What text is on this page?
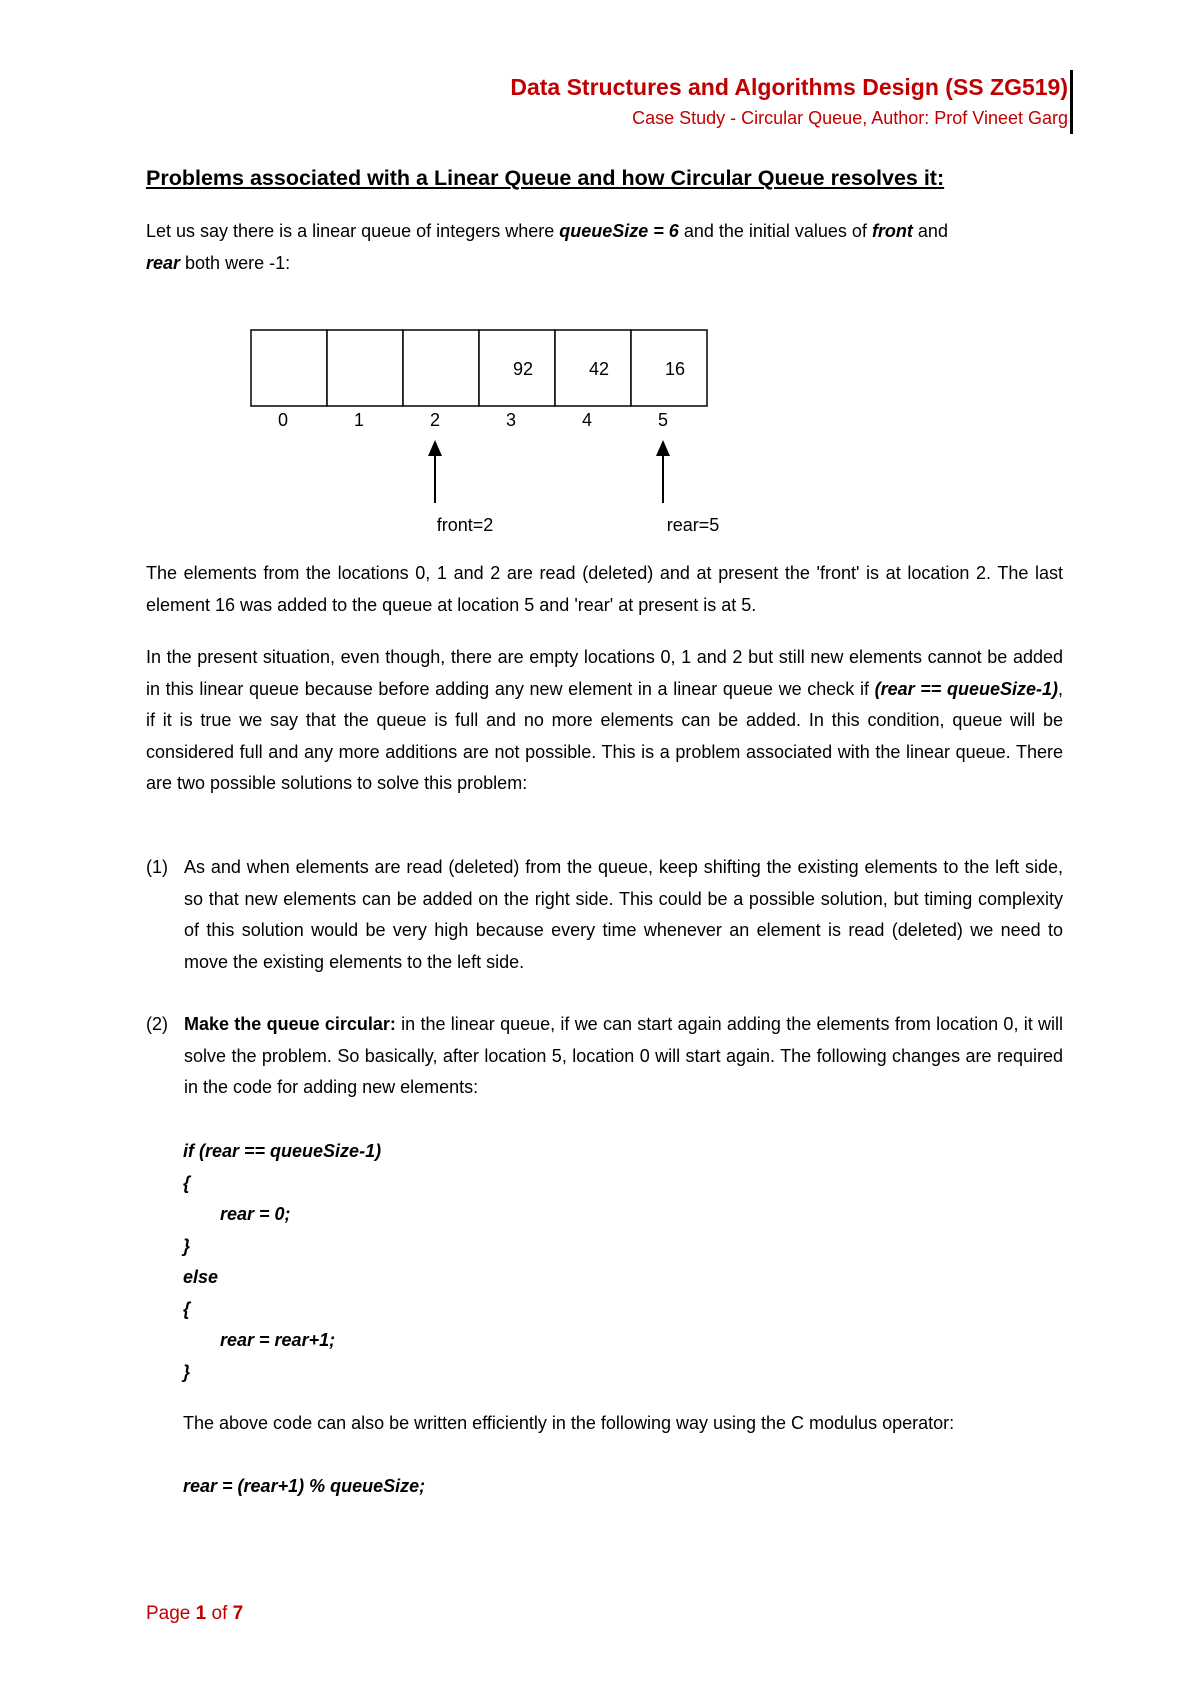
Data Structures and Algorithms Design (SS ZG519)
Case Study - Circular Queue, Author: Prof Vineet Garg
Problems associated with a Linear Queue and how Circular Queue resolves it:
Let us say there is a linear queue of integers where queueSize = 6 and the initial values of front and
rear both were -1:
92	42	16
0	1	2	3	4	5
front=2	rear=5
The elements from the locations 0, 1 and 2 are read (deleted) and at present the 'front' is at location 2. The last element 16 was added to the queue at location 5 and 'rear' at present is at 5.
In the present situation, even though, there are empty locations 0, 1 and 2 but still new elements cannot be added in this linear queue because before adding any new element in a linear queue we check if (rear == queueSize-1), if it is true we say that the queue is full and no more elements can be added. In this condition, queue will be considered full and any more additions are not possible. This is a problem associated with the linear queue. There are two possible solutions to solve this problem:
(1) As and when elements are read (deleted) from the queue, keep shifting the existing elements to the left side, so that new elements can be added on the right side. This could be a possible solution, but timing complexity of this solution would be very high because every time whenever an element is read (deleted) we need to move the existing elements to the left side.
(2) Make the queue circular: in the linear queue, if we can start again adding the elements from location 0, it will solve the problem. So basically, after location 5, location 0 will start again. The following changes are required in the code for adding new elements:
if (rear == queueSize-1)
{
rear = 0;
}
else
{
rear = rear+1;
}
The above code can also be written efficiently in the following way using the C modulus operator:
rear = (rear+1) % queueSize;
Page 1 of 7
